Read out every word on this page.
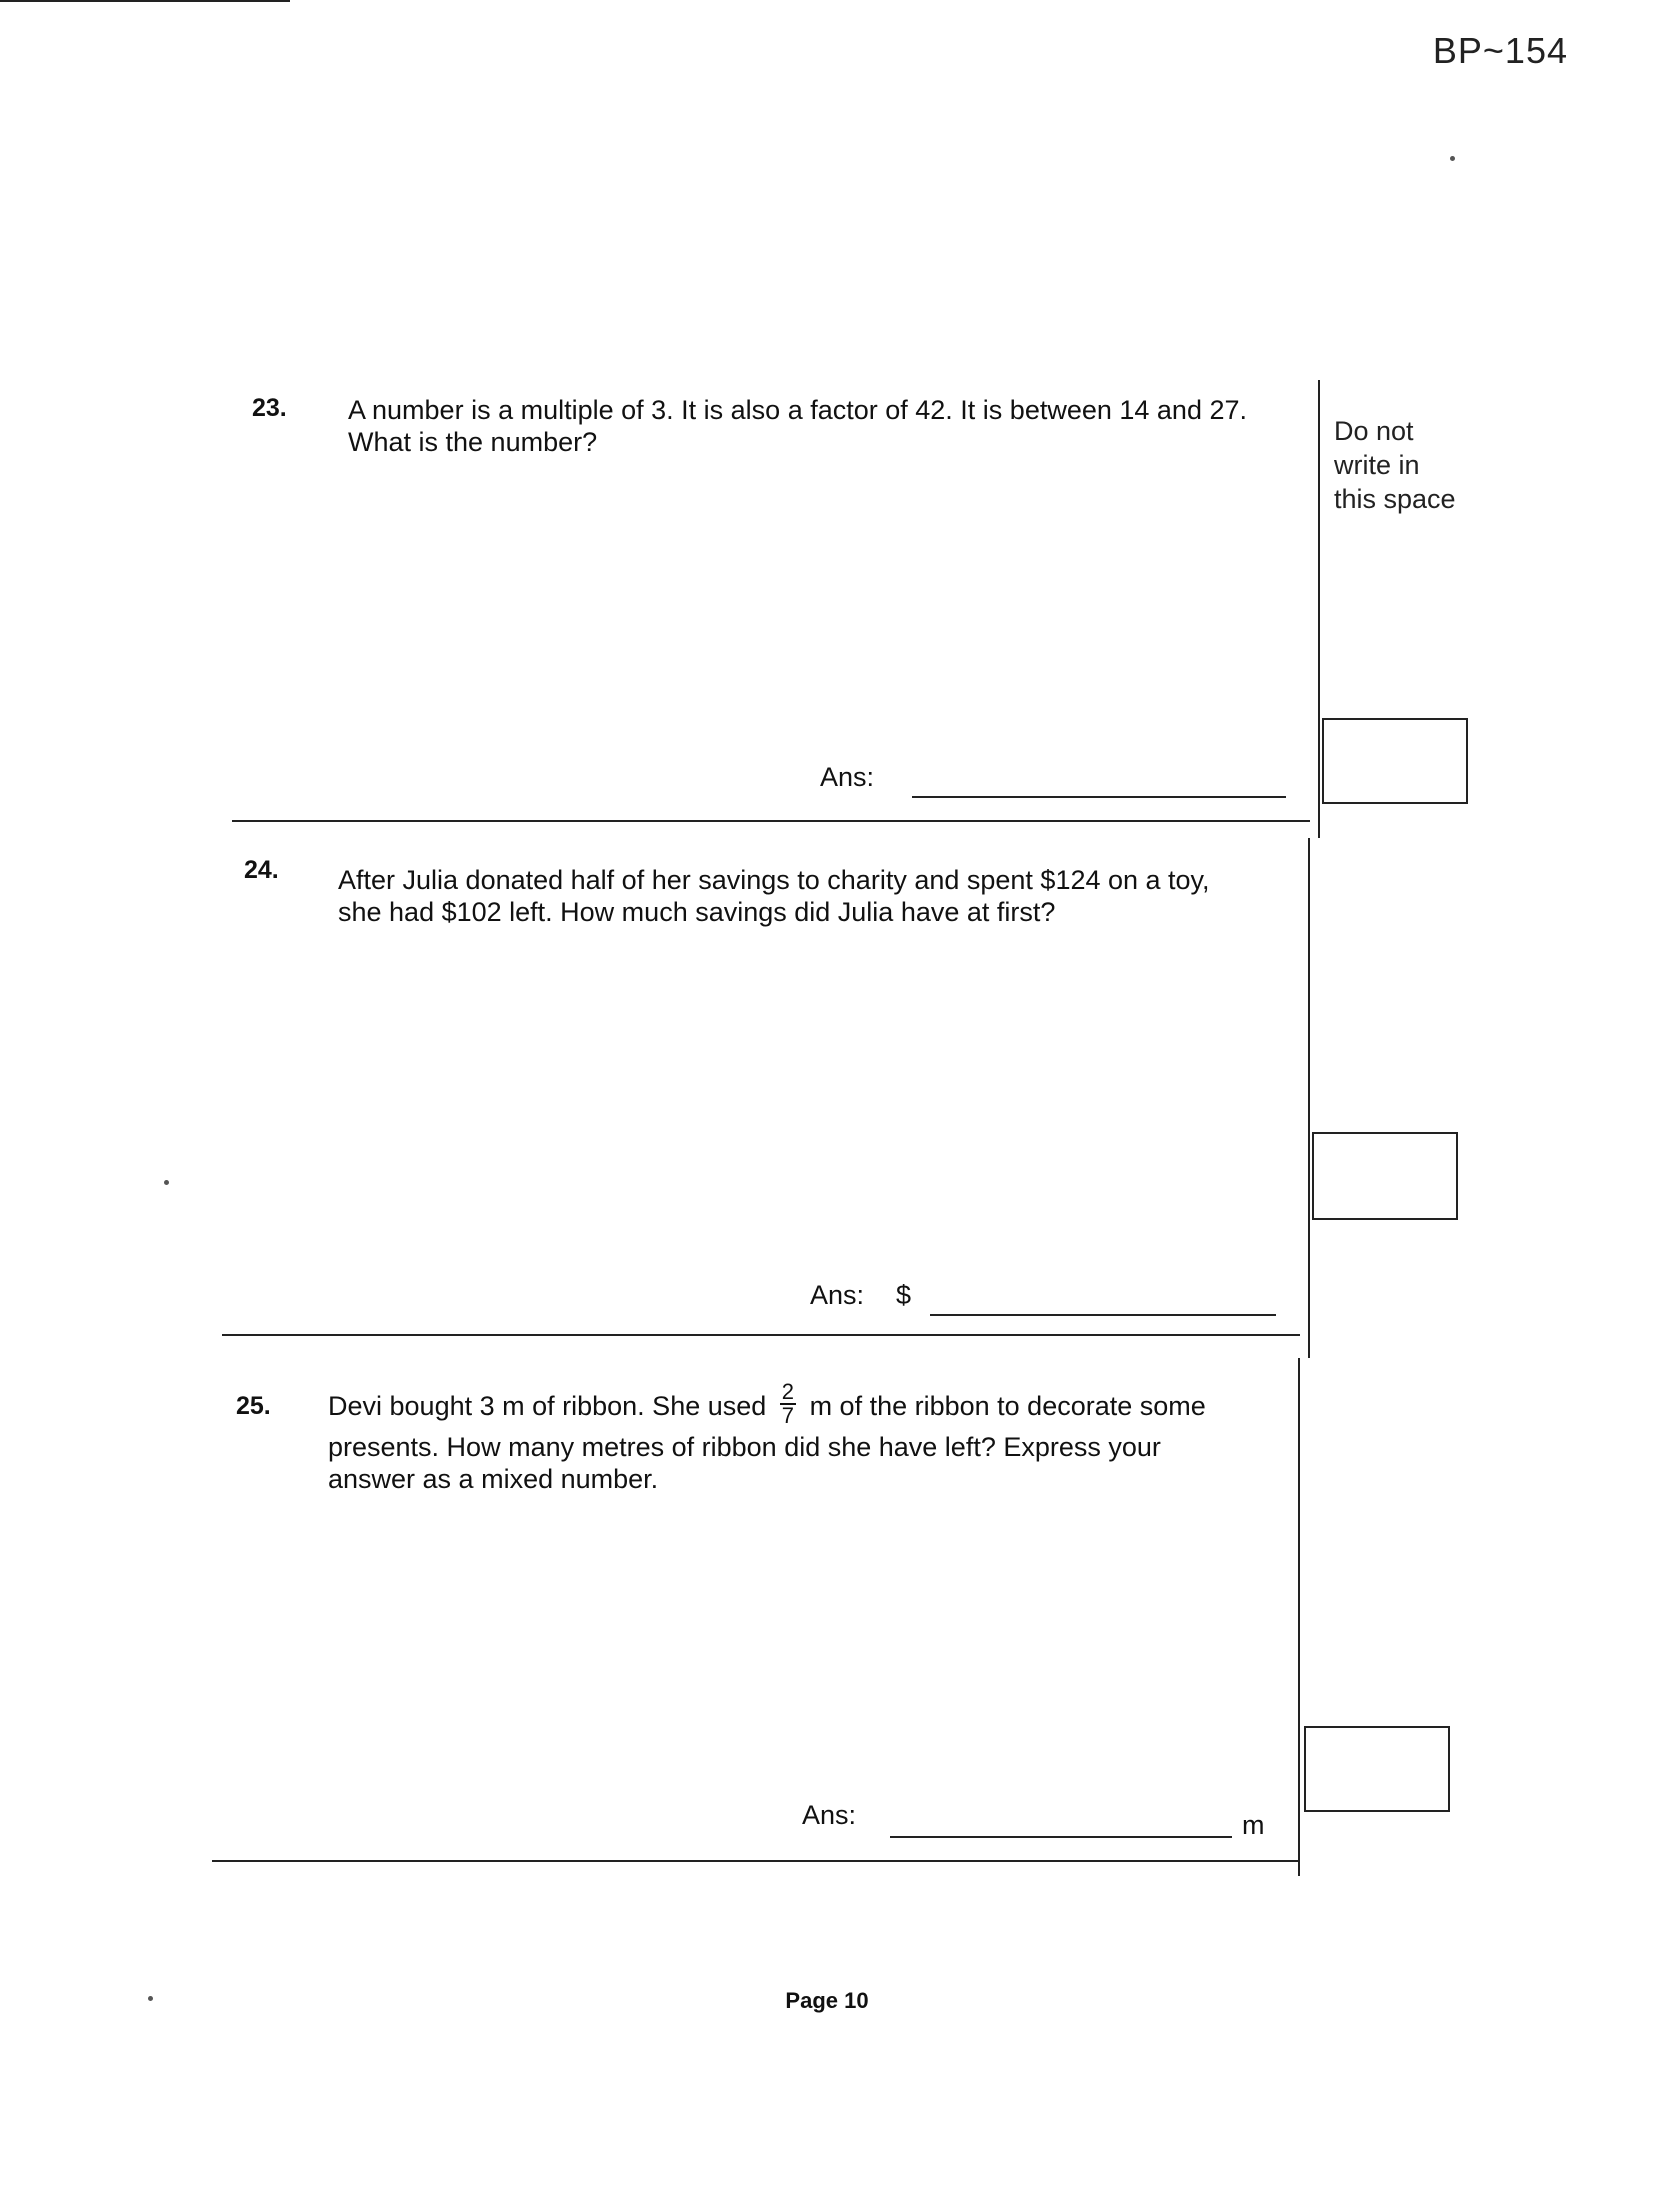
BP~154
Do not
write in
this space
23. A number is a multiple of 3. It is also a factor of 42. It is between 14 and 27.

What is the number?

Ans:
24. After Julia donated half of her savings to charity and spent $124 on a toy,

she had $102 left. How much savings did Julia have at first?

Ans: $
25. Devi bought 3 m of ribbon. She used $\frac{2}{7}$ m of the ribbon to decorate some

presents. How many metres of ribbon did she have left? Express your

answer as a mixed number.

Ans:	m
Page 10
